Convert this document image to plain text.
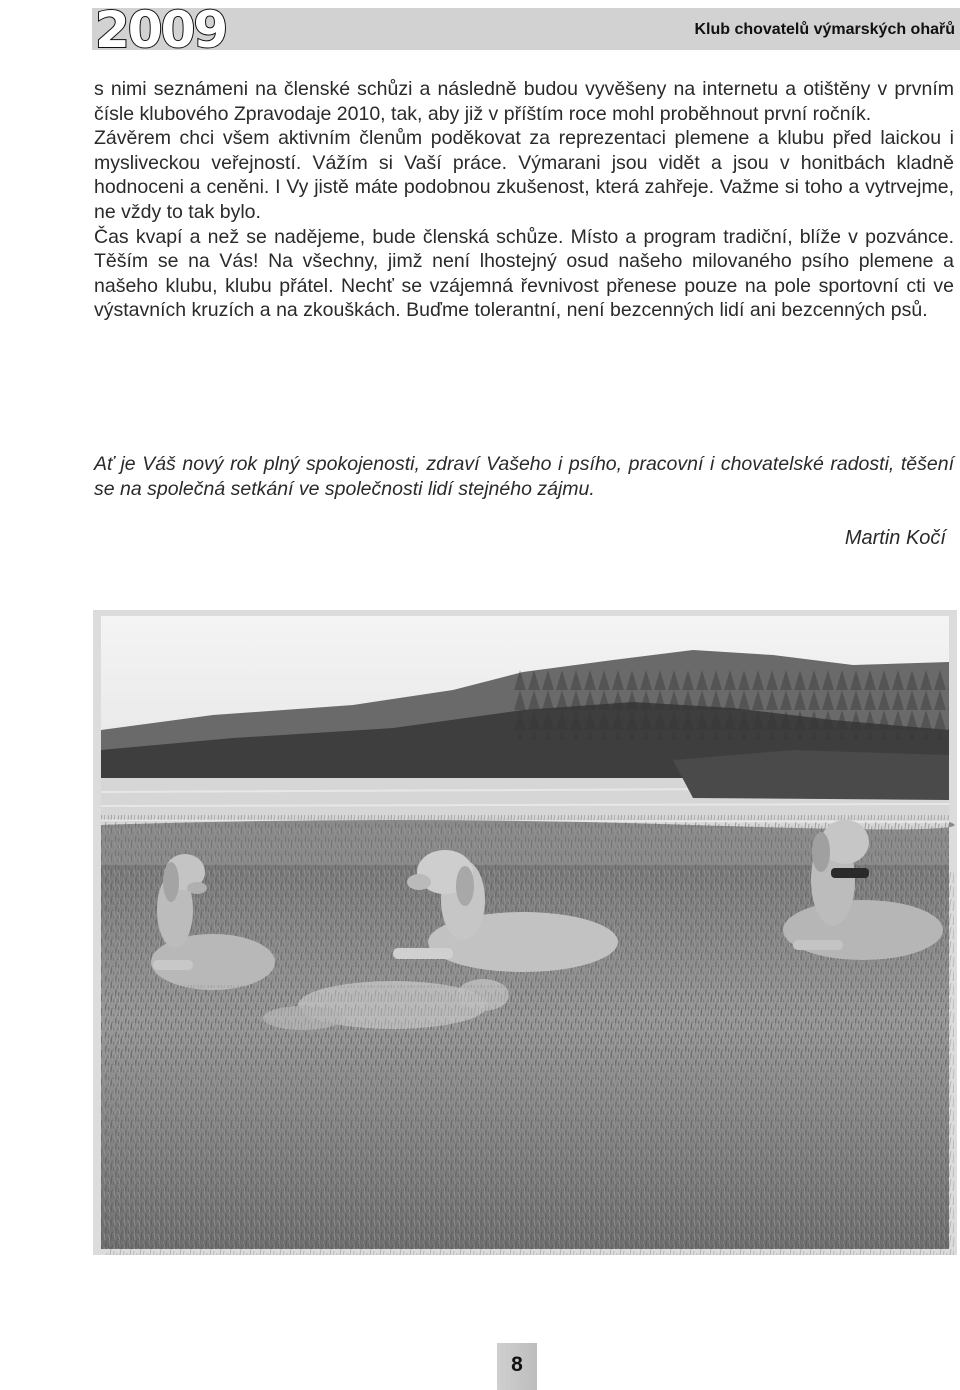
2009	Klub chovatelů výmarských ohařů

s nimi seznámeni na členské schůzi a následně budou vyvěšeny na internetu a otištěny v prvním čísle klubového Zpravodaje 2010, tak, aby již v příštím roce mohl proběhnout první ročník.

Závěrem chci všem aktivním členům poděkovat za reprezentaci plemene a klubu před laickou i mysliveckou veřejností. Vážím si Vaší práce. Výmarani jsou vidět a jsou v honitbách kladně hodnoceni a ceněni. I Vy jistě máte podobnou zkušenost, která zahřeje. Važme si toho a vytrvejme, ne vždy to tak bylo.

Čas kvapí a než se nadějeme, bude členská schůze. Místo a program tradiční, blíže v pozvánce. Těším se na Vás! Na všechny, jimž není lhostejný osud našeho milovaného psího plemene a našeho klubu, klubu přátel. Nechť se vzájemná řevnivost přenese pouze na pole sportovní cti ve výstavních kruzích a na zkouškách. Buďme tolerantní, není bezcenných lidí ani bezcenných psů.

Ať je Váš nový rok plný spokojenosti, zdraví Vašeho i psího, pracovní i chovatelské radosti, těšení se na společná setkání ve společnosti lidí stejného zájmu.

Martin Kočí

8
